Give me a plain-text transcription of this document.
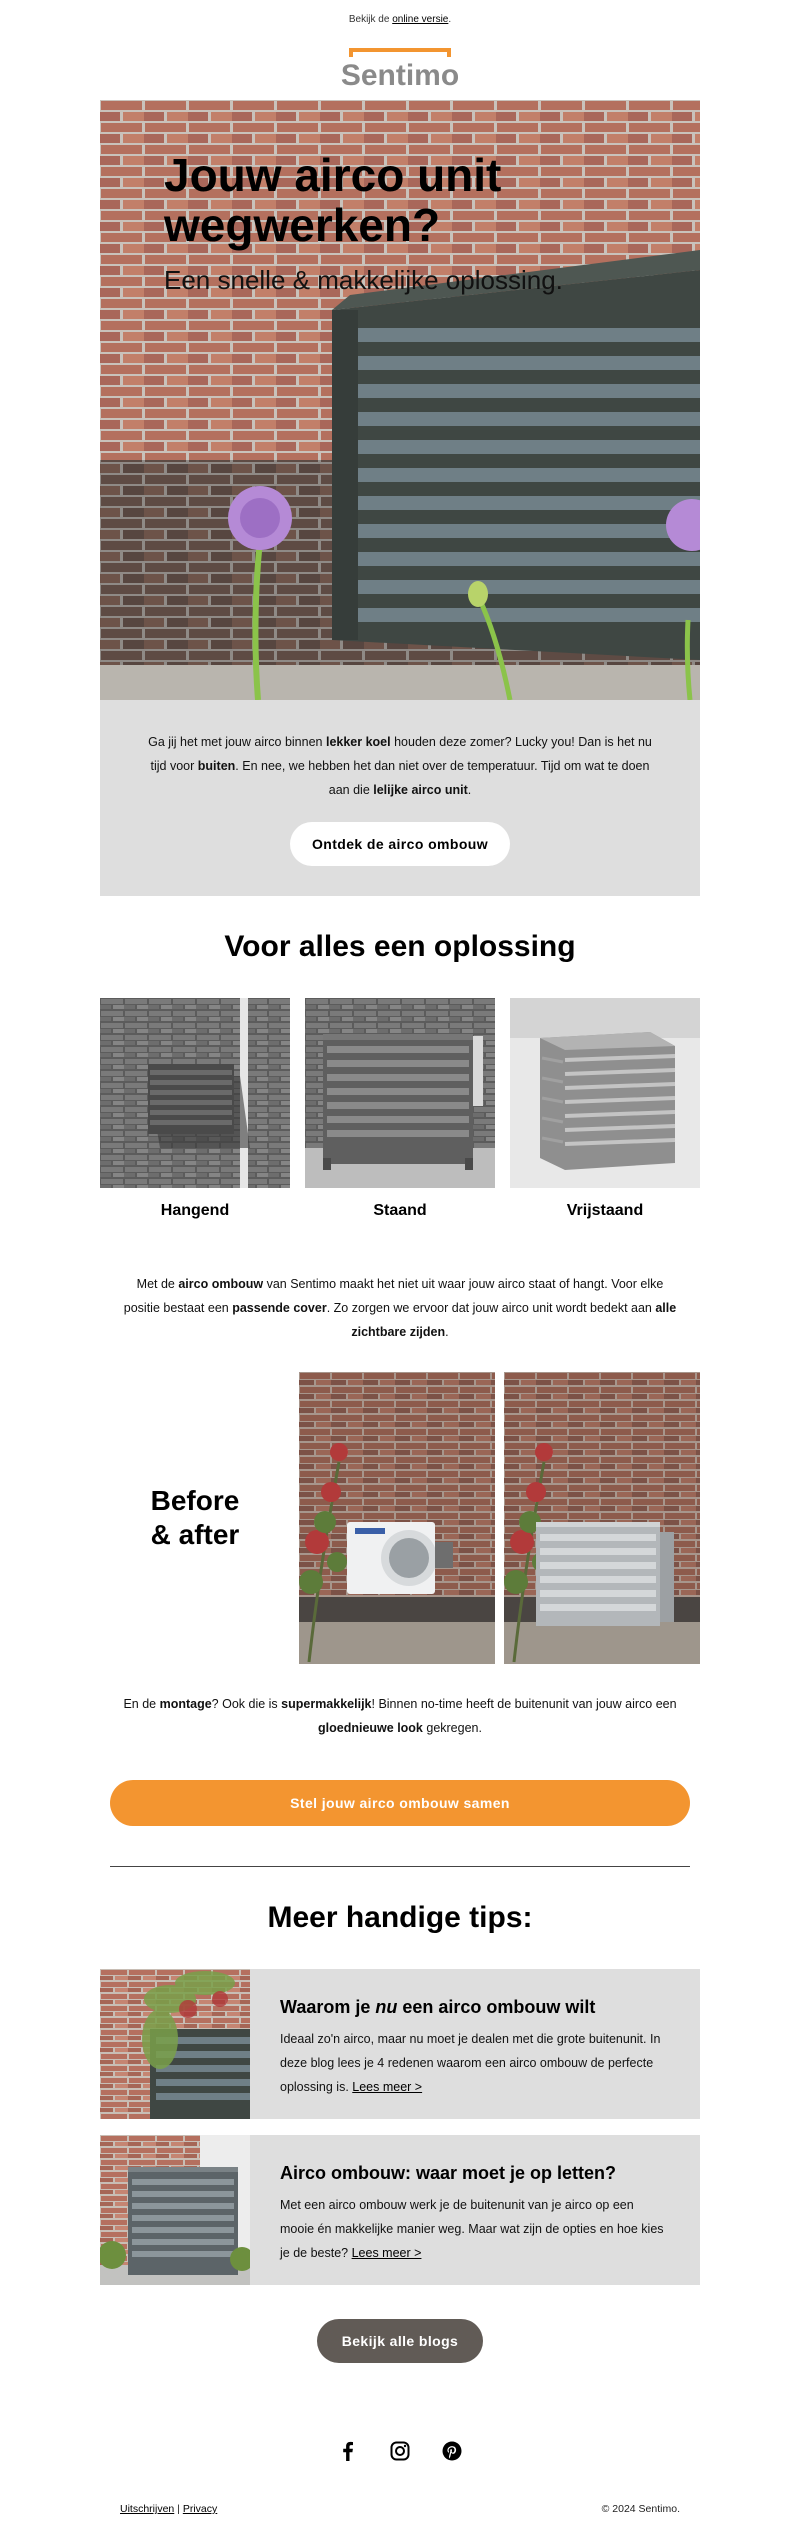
Bekijk de online versie.
Sentimo
Jouw airco unit wegwerken?
Een snelle & makkelijke oplossing.

Ga jij het met jouw airco binnen lekker koel houden deze zomer? Lucky you! Dan is het nu tijd voor buiten. En nee, we hebben het dan niet over de temperatuur. Tijd om wat te doen aan die lelijke airco unit.

Ontdek de airco ombouw
Voor alles een oplossing
Hangend	Staand	Vrijstaand

Met de airco ombouw van Sentimo maakt het niet uit waar jouw airco staat of hangt. Voor elke positie bestaat een passende cover. Zo zorgen we ervoor dat jouw airco unit wordt bedekt aan alle zichtbare zijden.

Before
& after

En de montage? Ook die is supermakkelijk! Binnen no-time heeft de buitenunit van jouw airco een gloednieuwe look gekregen.

Stel jouw airco ombouw samen
Meer handige tips:
Waarom je nu een airco ombouw wilt

Ideaal zo'n airco, maar nu moet je dealen met die grote buitenunit. In deze blog lees je 4 redenen waarom een airco ombouw de perfecte oplossing is. Lees meer >

Airco ombouw: waar moet je op letten?

Met een airco ombouw werk je de buitenunit van je airco op een mooie én makkelijke manier weg. Maar wat zijn de opties en hoe kies je de beste? Lees meer >

Bekijk alle blogs
Uitschrijven | Privacy	© 2024 Sentimo.
